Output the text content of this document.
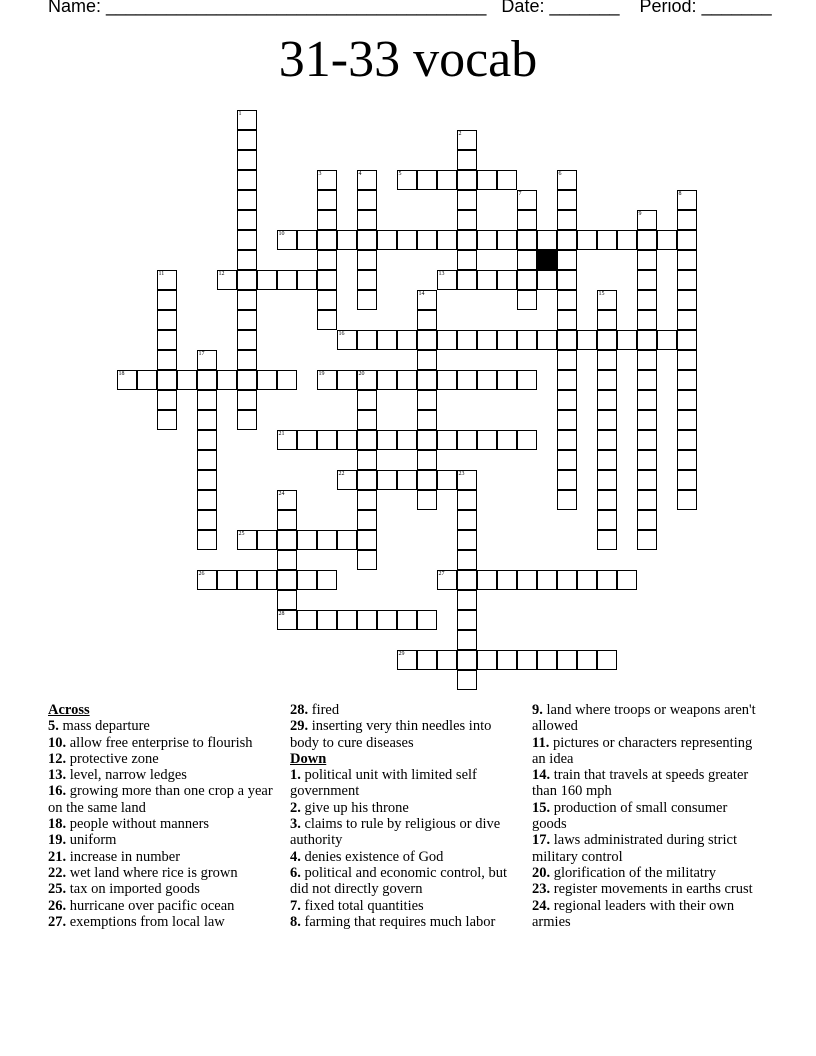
Name: ______________________________________   Date: _______    Period: _______
31-33 vocab
1
2
3	4	5	6
7	8
9
10
11	12	13
14	15
16
17
18	19	20
21
22	23
24
28
25
26	27
29
Across
5. mass departure
10. allow free enterprise to flourish
12. protective zone
13. level, narrow ledges
16. growing more than one crop a year on the same land
18. people without manners
19. uniform
21. increase in number
22. wet land where rice is grown
25. tax on imported goods
26. hurricane over pacific ocean
27. exemptions from local law
28. fired
29. inserting very thin needles into body to cure diseases
Down
1. political unit with limited self government
2. give up his throne
3. claims to rule by religious or dive authority
4. denies existence of God
6. political and economic control, but did not directly govern
7. fixed total quantities
8. farming that requires much labor
9. land where troops or weapons aren't allowed
11. pictures or characters representing an idea
14. train that travels at speeds greater than 160 mph
15. production of small consumer goods
17. laws administrated during strict military control
20. glorification of the militatry
23. register movements in earths crust
24. regional leaders with their own armies
